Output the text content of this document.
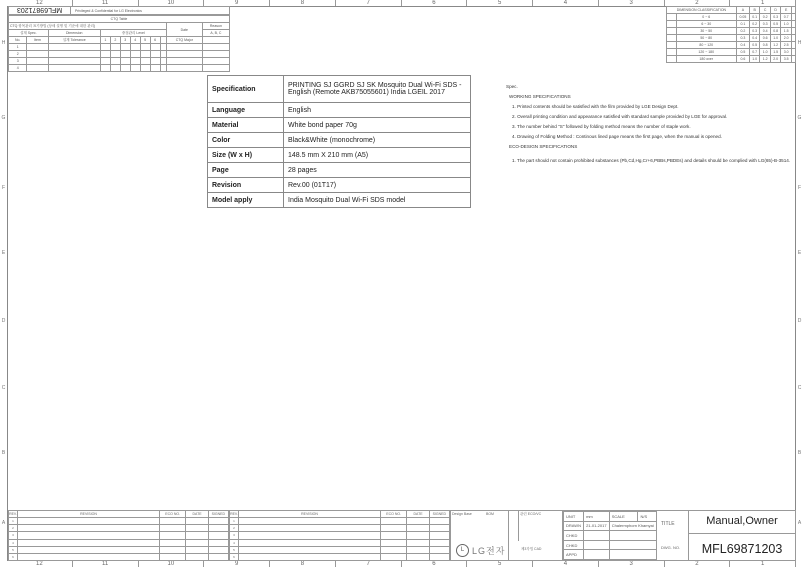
12	11	10	9	8	7	6	5	4	3	2	1
12	11	10	9	8	7	6	5	4	3	2	1
H
G
F
E
D
C
B
A
H
G
F
E
D
C
B
A
MFL69871203	Privileged & Confidential for LG Electronics
CTQ Table											
CTQ 항목관리 표기방법 (상세 설명 및 기준에 대한 관리)										Date	Reason
설계 Spec.		Dimension	중점관리 Level								A, B, C
No.	Item	설계 Tolerance	1	2	3	4	5	6		CTQ Major	
1											
2											
3											
4											
Specification	PRINTING SJ GGRD SJ SK Mosquito Dual Wi-Fi SDS - English (Remote AKB75055601) India LGEIL 2017
Language	English
Material	White bond paper 70g
Color	Black&White (monochrome)
Size (W x H)	148.5 mm X 210 mm (A5)
Page	28 pages
Revision	Rev.00 (01T17)
Model apply	India Mosquito Dual Wi-Fi SDS model

Spec.

WORKING SPECIFICATIONS

1. Printed contents should be satisfied with the film provided by LGE Design Dept.

2. Overall printing condition and appearance satisfied with standard sample provided by LGE for approval.

3. The number behind "S" followed by folding method means the number of staple work.

4. Drawing of Folding Method : Continous lined page means the first page, when the manual is opened.

ECO-DESIGN SPECIFICATIONS

1. The part should not contain prohibited substances (Pb,Cd,Hg,Cr+6,PBBs,PBDEs) and details should be complied with LG(65)-B-3514.

DIMENSION CLASSIFICATION		A	B	C	D	E	
	0 ~ 6	0.05	0.1	0.2	0.3	0.7	
	6 ~ 30	0.1	0.2	0.3	0.5	1.0	
	30 ~ 50	0.2	0.3	0.4	0.8	1.5	
	50 ~ 80	0.3	0.4	0.6	1.0	2.0	
	80 ~ 120	0.4	0.5	0.8	1.2	2.5	
	120 ~ 180	0.5	0.7	1.0	1.5	3.0	
	180 over	0.6	1.0	1.2	2.0	3.5	
REV.	REVISION	ECO NO.	DATE	SIGNED
1				
2				
3				
4				
5				
6				
REV.	REVISION	ECO NO.	DATE	SIGNED
1				
2				
3				
4				
5				
6				
Design Base	BOM	관련 ECO/VC
L LG전자	제3각법 CAD
UNIT	mm	SCALE	N/S
DRAWN	21-01-2017	Chalermphorn Khamyai	
CHKD			
CHKD			
APPD			
TITLE
DWG. NO.
Manual,Owner
MFL69871203
